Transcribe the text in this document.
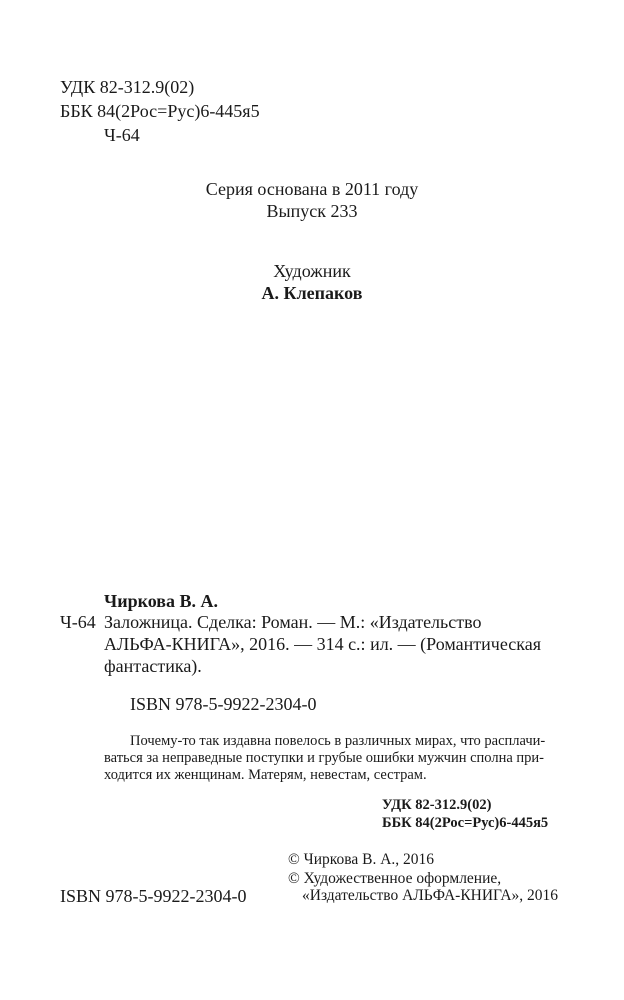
УДК 82-312.9(02)
ББК 84(2Рос=Рус)6-445я5
Ч-64
Серия основана в 2011 году
Выпуск 233
Художник
А. Клепаков
Чиркова В. А.
Ч-64 Заложница. Сделка: Роман. — М.: «Издательство
АЛЬФА-КНИГА», 2016. — 314 с.: ил. — (Романтическая
фантастика).
ISBN 978-5-9922-2304-0
Почему-то так издавна повелось в различных мирах, что расплачи-
ваться за неправедные поступки и грубые ошибки мужчин сполна при-
ходится их женщинам. Матерям, невестам, сестрам.
УДК 82-312.9(02)
ББК 84(2Рос=Рус)6-445я5
© Чиркова В. А., 2016
© Художественное оформление,
«Издательство АЛЬФА-КНИГА», 2016
ISBN 978-5-9922-2304-0
